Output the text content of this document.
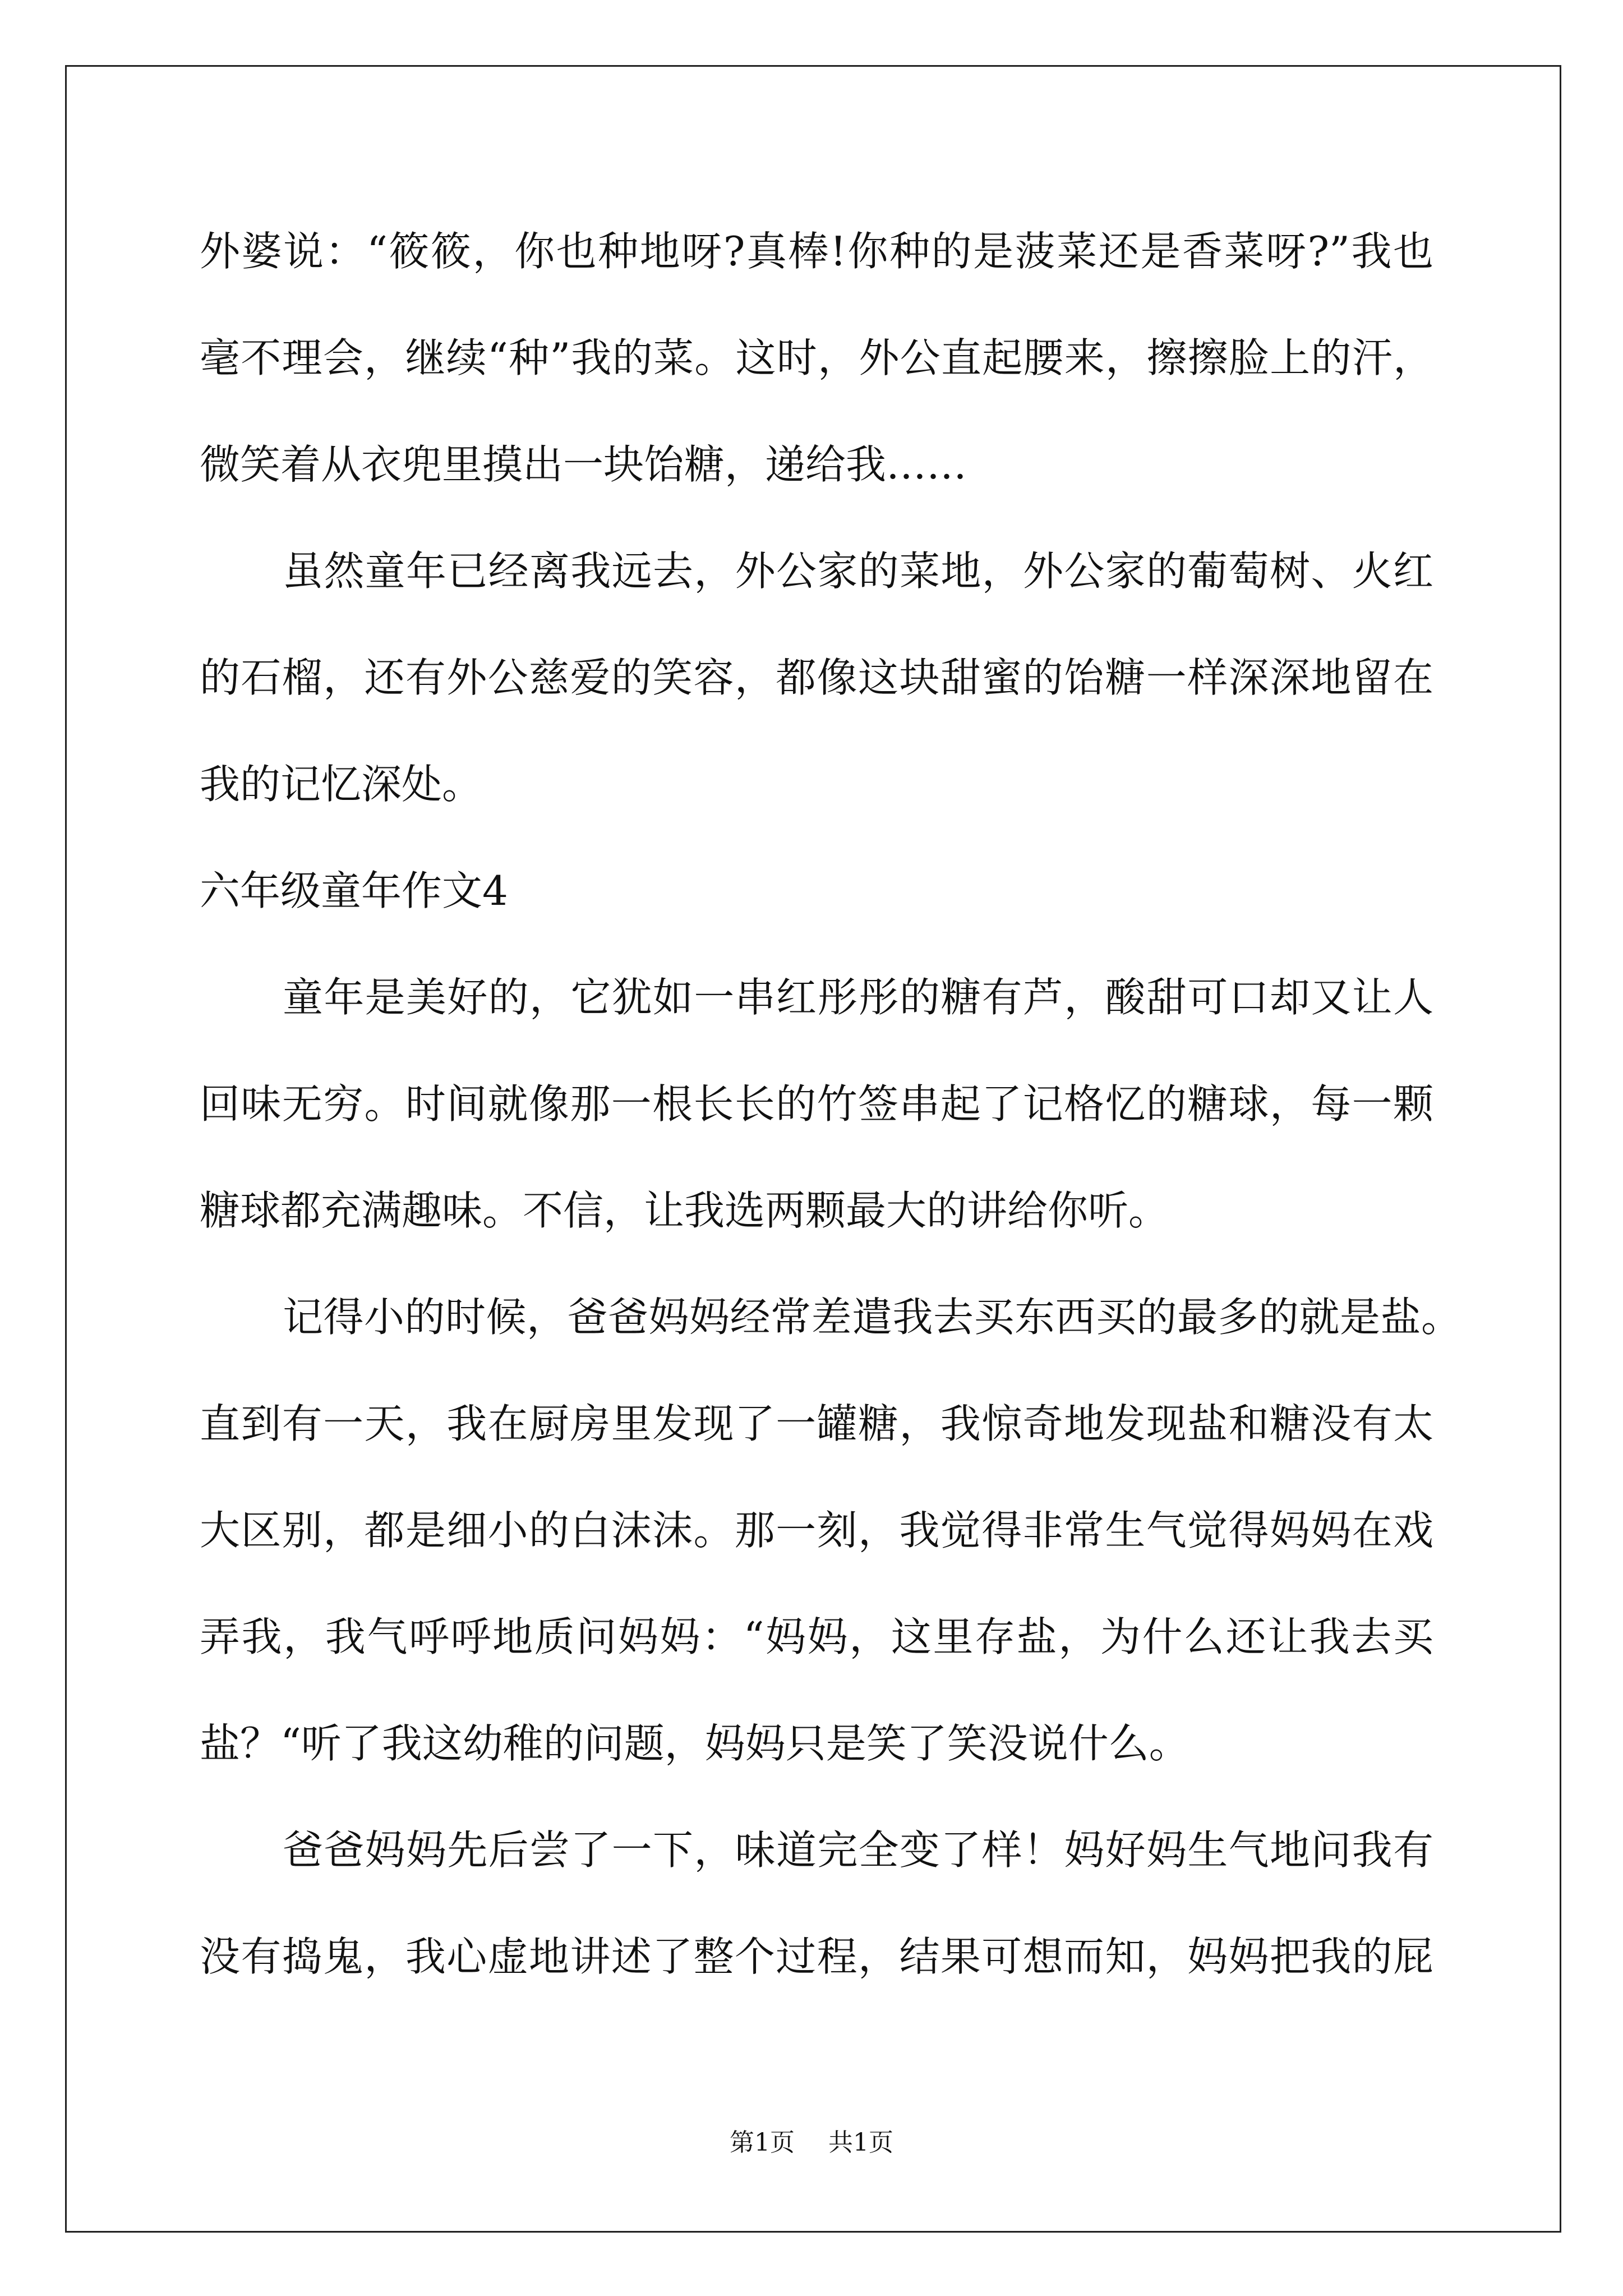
外婆说：“筱筱，你也种地呀?真棒!你种的是菠菜还是香菜呀?”我也
毫不理会，继续“种”我的菜。这时，外公直起腰来，擦擦脸上的汗，
微笑着从衣兜里摸出一块饴糖，递给我……
虽然童年已经离我远去，外公家的菜地，外公家的葡萄树、火红
的石榴，还有外公慈爱的笑容，都像这块甜蜜的饴糖一样深深地留在
我的记忆深处。
六年级童年作文4
童年是美好的，它犹如一串红彤彤的糖有芦，酸甜可口却又让人
回味无穷。时间就像那一根长长的竹签串起了记格忆的糖球，每一颗
糖球都充满趣味。不信，让我选两颗最大的讲给你听。
记得小的时候，爸爸妈妈经常差遣我去买东西买的最多的就是盐。
直到有一天，我在厨房里发现了一罐糖，我惊奇地发现盐和糖没有太
大区别，都是细小的白沫沫。那一刻，我觉得非常生气觉得妈妈在戏
弄我，我气呼呼地质问妈妈：“妈妈，这里存盐，为什么还让我去买
盐？“听了我这幼稚的问题，妈妈只是笑了笑没说什么。
爸爸妈妈先后尝了一下，味道完全变了样！妈好妈生气地问我有
没有捣鬼，我心虚地讲述了整个过程，结果可想而知，妈妈把我的屁
第1页 共1页
